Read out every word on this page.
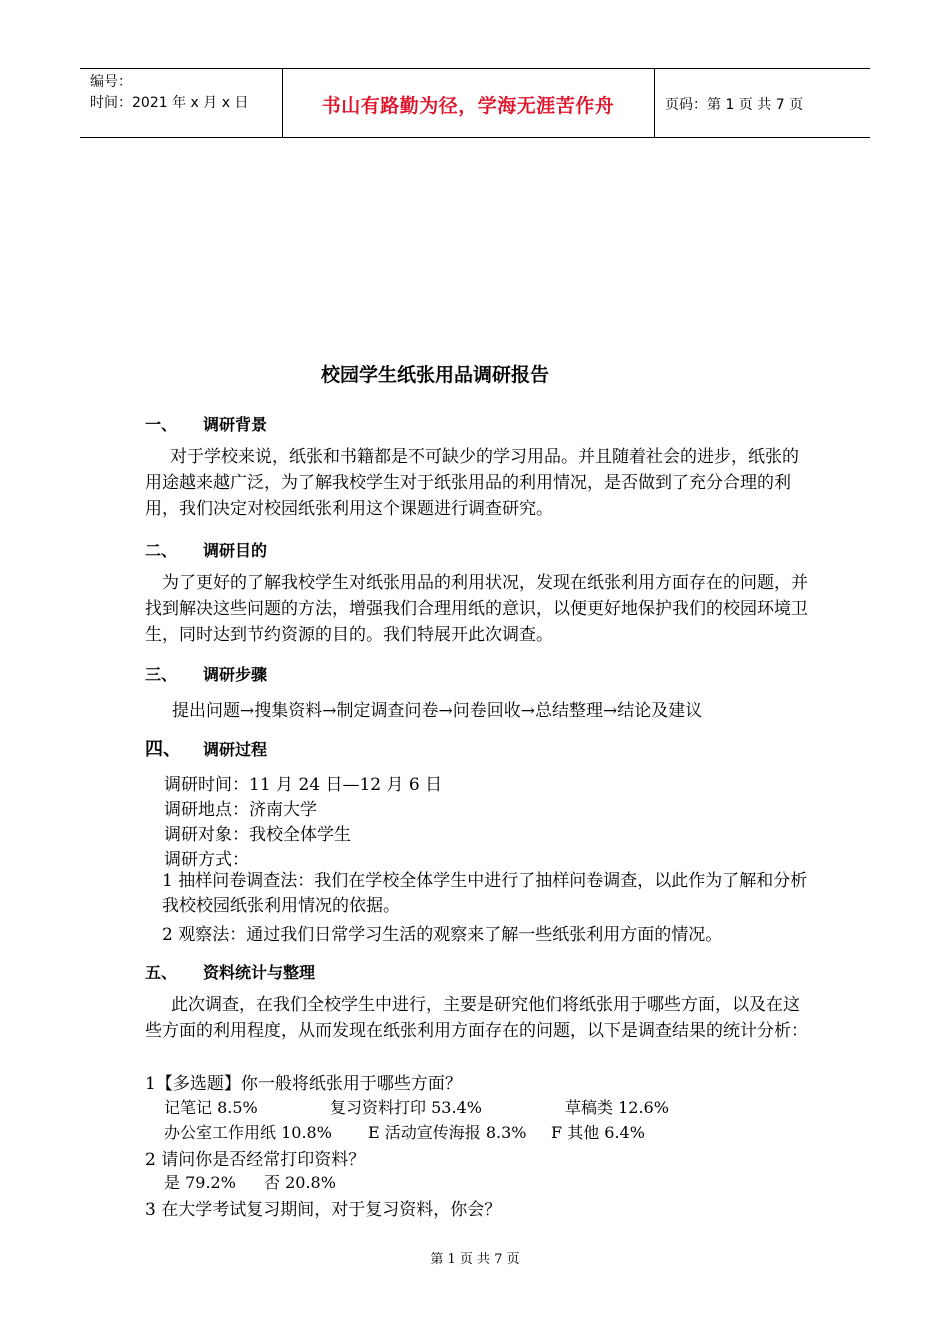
编号：
时间：2021 年 x 月 x 日	书山有路勤为径，学海无涯苦作舟	页码：第 1 页 共 7 页
校园学生纸张用品调研报告
一、 调研背景
对于学校来说，纸张和书籍都是不可缺少的学习用品。并且随着社会的进步，纸张的用途越来越广泛，为了解我校学生对于纸张用品的利用情况，是否做到了充分合理的利用，我们决定对校园纸张利用这个课题进行调查研究。
二、 调研目的
为了更好的了解我校学生对纸张用品的利用状况，发现在纸张利用方面存在的问题，并找到解决这些问题的方法，增强我们合理用纸的意识，以便更好地保护我们的校园环境卫生，同时达到节约资源的目的。我们特展开此次调查。
三、 调研步骤
提出问题→搜集资料→制定调查问卷→问卷回收→总结整理→结论及建议
四、 调研过程
调研时间：11 月 24 日—12 月 6 日
调研地点：济南大学
调研对象：我校全体学生
调研方式：
1 抽样问卷调查法：我们在学校全体学生中进行了抽样问卷调查，以此作为了解和分析我校校园纸张利用情况的依据。
2 观察法：通过我们日常学习生活的观察来了解一些纸张利用方面的情况。
五、 资料统计与整理
此次调查，在我们全校学生中进行，主要是研究他们将纸张用于哪些方面，以及在这些方面的利用程度，从而发现在纸张利用方面存在的问题，以下是调查结果的统计分析：
1【多选题】你一般将纸张用于哪些方面？
记笔记 8.5%	复习资料打印 53.4%	草稿类 12.6%
办公室工作用纸 10.8% E 活动宣传海报 8.3% F 其他 6.4%
2 请问你是否经常打印资料？
是 79.2% 否 20.8%
3 在大学考试复习期间，对于复习资料，你会？
第 1 页 共 7 页
